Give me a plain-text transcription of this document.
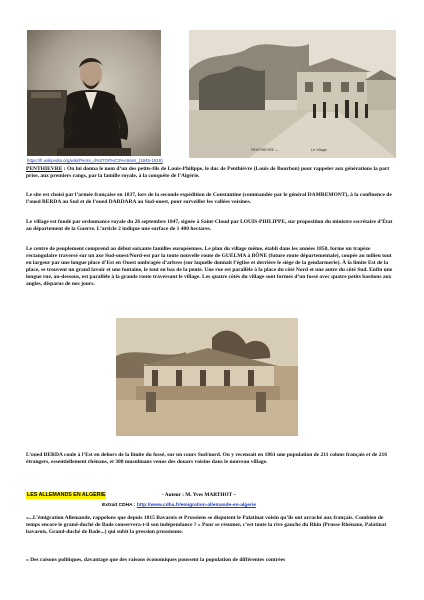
PENTHIÈVRE —	Le Village
https://fr.wikipedia.org/wiki/Pierre_d%27Orl%C3%A9ans_(1845-1919)

PENTHIEVRE : On lui donna le nom d’un des petits-fils de Louis-Philippe, le duc de Penthièvre (Louis de Bourbon) pour rappeler aux générations la part prise, aux premiers rangs, par la famille royale, à la conquête de l’Algérie.

Le site est choisi par l’armée française en 1837, lors de la seconde expédition de Constantine (commandée par le général DAMREMONT), à la confluence de l’oued BERDA au Sud et de l’oued DARDARA au Sud-ouest, pour surveiller les vallées voisines.

Le village est fondé par ordonnance royale du 26 septembre 1847, signée à Saint-Cloud par LOUIS-PHILIPPE, sur proposition du ministre secrétaire d’État au département de la Guerre. L’article 2 indique une surface de 1 400 hectares.

Le centre de peuplement comprend au début soixante familles européennes. Le plan du village même, établi dans les années 1850, forme un trapèze rectangulaire traversé sur un axe Sud-ouest/Nord-est par la toute nouvelle route de GUELMA à BÔNE (future route départementale), coupée au milieu tout en largeur par une longue place d’Est en Ouest ombragée d’arbres (sur laquelle donnait l’église et derrière le siège de la gendarmerie). À la limite Est de la place, se trouvent un grand lavoir et une fontaine, le tout en bas de la pente. Une rue est parallèle à la place du côté Nord et une autre du côté Sud. Enfin une longue rue, au-dessous, est parallèle à la grande route traversant le village. Les quatre côtés du village sont formés d’un fossé avec quatre petits bastions aux angles, disparus de nos jours.

L’oued BERDA coule à l’Est en dehors de la limite du fossé, sur un cours Sud/nord. On y recensait en 1861 une population de 211 colons français et de 216 étrangers, essentiellement rhénans, et 300 musulmans venus des douars voisins dans le nouveau village.

LES ALLEMANDS EN ALGERIE	- Auteur : M. Yves MARTHOT –
Extrait CDHA : http://www.cdha.fr/emigration-allemande-en-algerie

«...L’émigration Allemande, rappelons que depuis 1815 Bavarois et Prussiens se disputent le Palatinat voisin qu’ils ont arraché aux français. Combien de temps encore le grand-duché de Bade conservera-t-il son indépendance ? » Pour se résumer, c’est toute la rive gauche du Rhin (Prusse Rhénane, Palatinat bavarois, Grand-duché de Bade...) qui subit la pression prussienne.

« Des raisons politiques, davantage que des raisons économiques poussent la population de différentes contrées
